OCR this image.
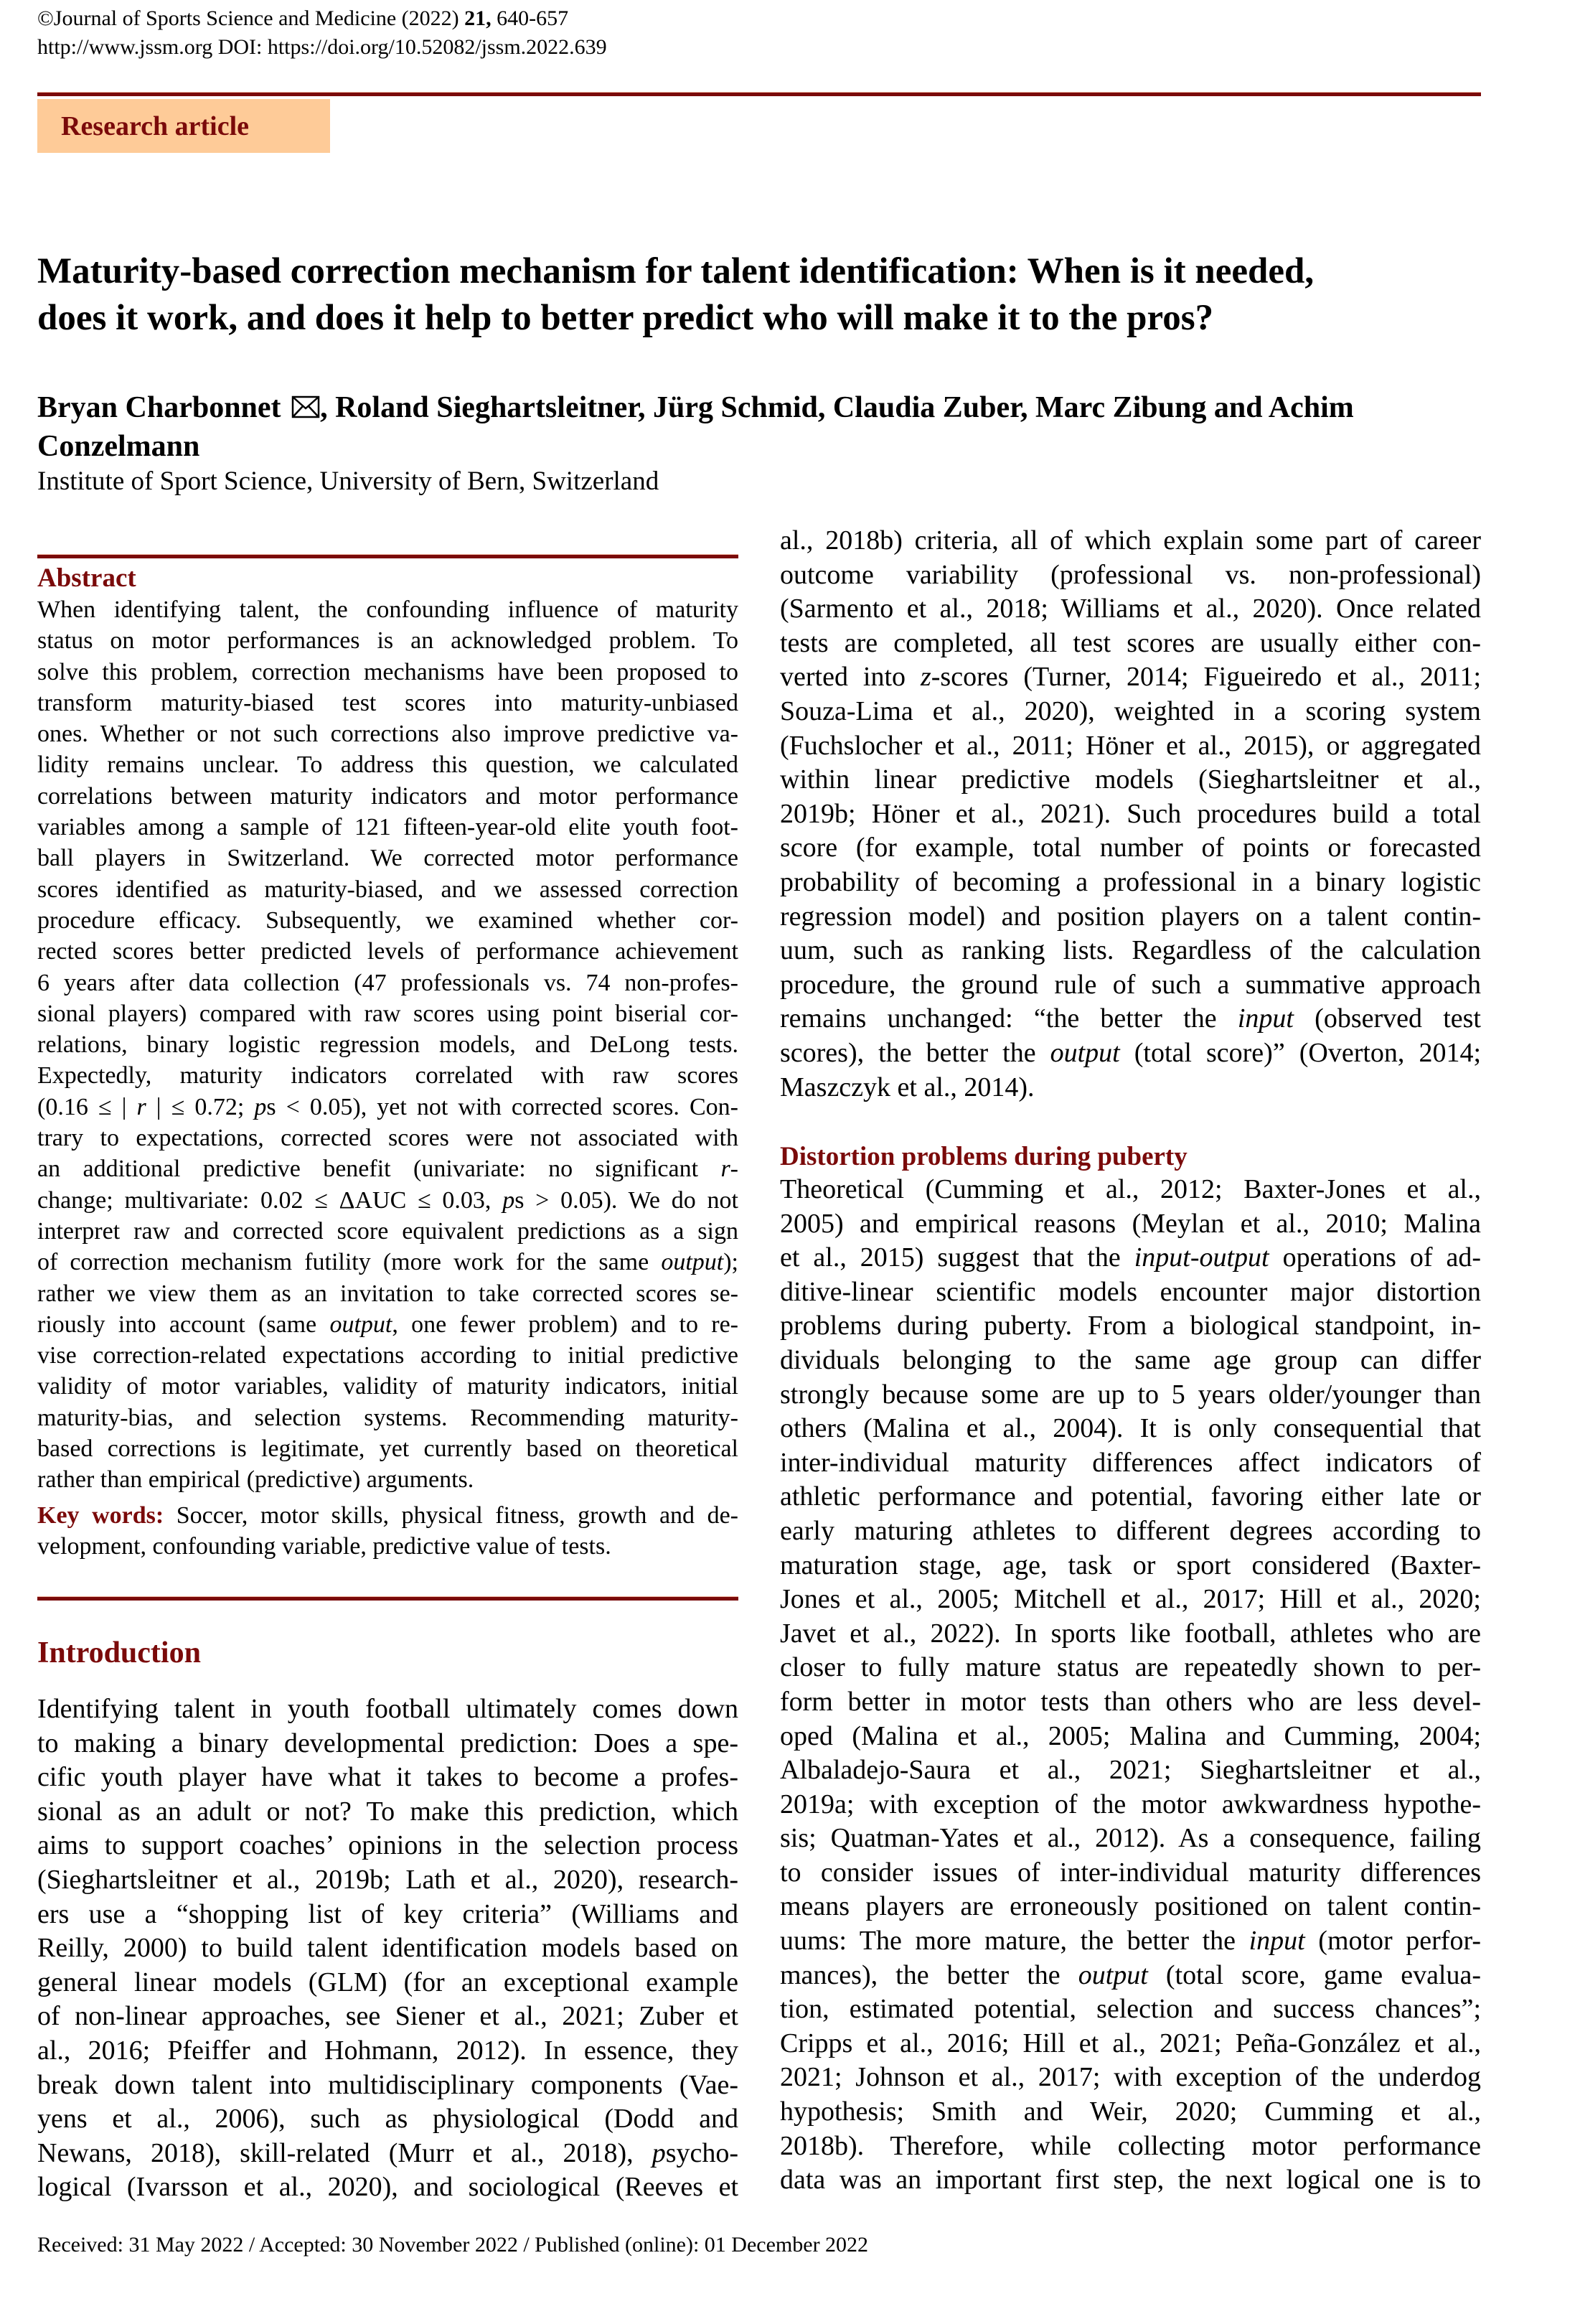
©Journal of Sports Science and Medicine (2022) 21, 640-657
http://www.jssm.org DOI: https://doi.org/10.52082/jssm.2022.639
Research article
Maturity-based correction mechanism for talent identification: When is it needed,
does it work, and does it help to better predict who will make it to the pros?
Bryan Charbonnet , Roland Sieghartsleitner, Jürg Schmid, Claudia Zuber, Marc Zibung and Achim
Conzelmann
Institute of Sport Science, University of Bern, Switzerland
Abstract
When identifying talent, the confounding influence of maturity
status on motor performances is an acknowledged problem. To
solve this problem, correction mechanisms have been proposed to
transform maturity-biased test scores into maturity-unbiased
ones. Whether or not such corrections also improve predictive va-
lidity remains unclear. To address this question, we calculated
correlations between maturity indicators and motor performance
variables among a sample of 121 fifteen-year-old elite youth foot-
ball players in Switzerland. We corrected motor performance
scores identified as maturity-biased, and we assessed correction
procedure efficacy. Subsequently, we examined whether cor-
rected scores better predicted levels of performance achievement
6 years after data collection (47 professionals vs. 74 non-profes-
sional players) compared with raw scores using point biserial cor-
relations, binary logistic regression models, and DeLong tests.
Expectedly, maturity indicators correlated with raw scores
(0.16 ≤ | r | ≤ 0.72; ps < 0.05), yet not with corrected scores. Con-
trary to expectations, corrected scores were not associated with
an additional predictive benefit (univariate: no significant r-
change; multivariate: 0.02 ≤ ΔAUC ≤ 0.03, ps > 0.05). We do not
interpret raw and corrected score equivalent predictions as a sign
of correction mechanism futility (more work for the same output);
rather we view them as an invitation to take corrected scores se-
riously into account (same output, one fewer problem) and to re-
vise correction-related expectations according to initial predictive
validity of motor variables, validity of maturity indicators, initial
maturity-bias, and selection systems. Recommending maturity-
based corrections is legitimate, yet currently based on theoretical
rather than empirical (predictive) arguments.
Key words: Soccer, motor skills, physical fitness, growth and de-
velopment, confounding variable, predictive value of tests.
Introduction
Identifying talent in youth football ultimately comes down
to making a binary developmental prediction: Does a spe-
cific youth player have what it takes to become a profes-
sional as an adult or not? To make this prediction, which
aims to support coaches’ opinions in the selection process
(Sieghartsleitner et al., 2019b; Lath et al., 2020), research-
ers use a “shopping list of key criteria” (Williams and
Reilly, 2000) to build talent identification models based on
general linear models (GLM) (for an exceptional example
of non-linear approaches, see Siener et al., 2021; Zuber et
al., 2016; Pfeiffer and Hohmann, 2012). In essence, they
break down talent into multidisciplinary components (Vae-
yens et al., 2006), such as physiological (Dodd and
Newans, 2018), skill-related (Murr et al., 2018), psycho-
logical (Ivarsson et al., 2020), and sociological (Reeves et
al., 2018b) criteria, all of which explain some part of career
outcome variability (professional vs. non-professional)
(Sarmento et al., 2018; Williams et al., 2020). Once related
tests are completed, all test scores are usually either con-
verted into z-scores (Turner, 2014; Figueiredo et al., 2011;
Souza-Lima et al., 2020), weighted in a scoring system
(Fuchslocher et al., 2011; Höner et al., 2015), or aggregated
within linear predictive models (Sieghartsleitner et al.,
2019b; Höner et al., 2021). Such procedures build a total
score (for example, total number of points or forecasted
probability of becoming a professional in a binary logistic
regression model) and position players on a talent contin-
uum, such as ranking lists. Regardless of the calculation
procedure, the ground rule of such a summative approach
remains unchanged: “the better the input (observed test
scores), the better the output (total score)” (Overton, 2014;
Maszczyk et al., 2014).
Distortion problems during puberty
Theoretical (Cumming et al., 2012; Baxter-Jones et al.,
2005) and empirical reasons (Meylan et al., 2010; Malina
et al., 2015) suggest that the input-output operations of ad-
ditive-linear scientific models encounter major distortion
problems during puberty. From a biological standpoint, in-
dividuals belonging to the same age group can differ
strongly because some are up to 5 years older/younger than
others (Malina et al., 2004). It is only consequential that
inter-individual maturity differences affect indicators of
athletic performance and potential, favoring either late or
early maturing athletes to different degrees according to
maturation stage, age, task or sport considered (Baxter-
Jones et al., 2005; Mitchell et al., 2017; Hill et al., 2020;
Javet et al., 2022). In sports like football, athletes who are
closer to fully mature status are repeatedly shown to per-
form better in motor tests than others who are less devel-
oped (Malina et al., 2005; Malina and Cumming, 2004;
Albaladejo-Saura et al., 2021; Sieghartsleitner et al.,
2019a; with exception of the motor awkwardness hypothe-
sis; Quatman-Yates et al., 2012). As a consequence, failing
to consider issues of inter-individual maturity differences
means players are erroneously positioned on talent contin-
uums: The more mature, the better the input (motor perfor-
mances), the better the output (total score, game evalua-
tion, estimated potential, selection and success chances”;
Cripps et al., 2016; Hill et al., 2021; Peña-González et al.,
2021; Johnson et al., 2017; with exception of the underdog
hypothesis; Smith and Weir, 2020; Cumming et al.,
2018b). Therefore, while collecting motor performance
data was an important first step, the next logical one is to
Received: 31 May 2022 / Accepted: 30 November 2022 / Published (online): 01 December 2022
